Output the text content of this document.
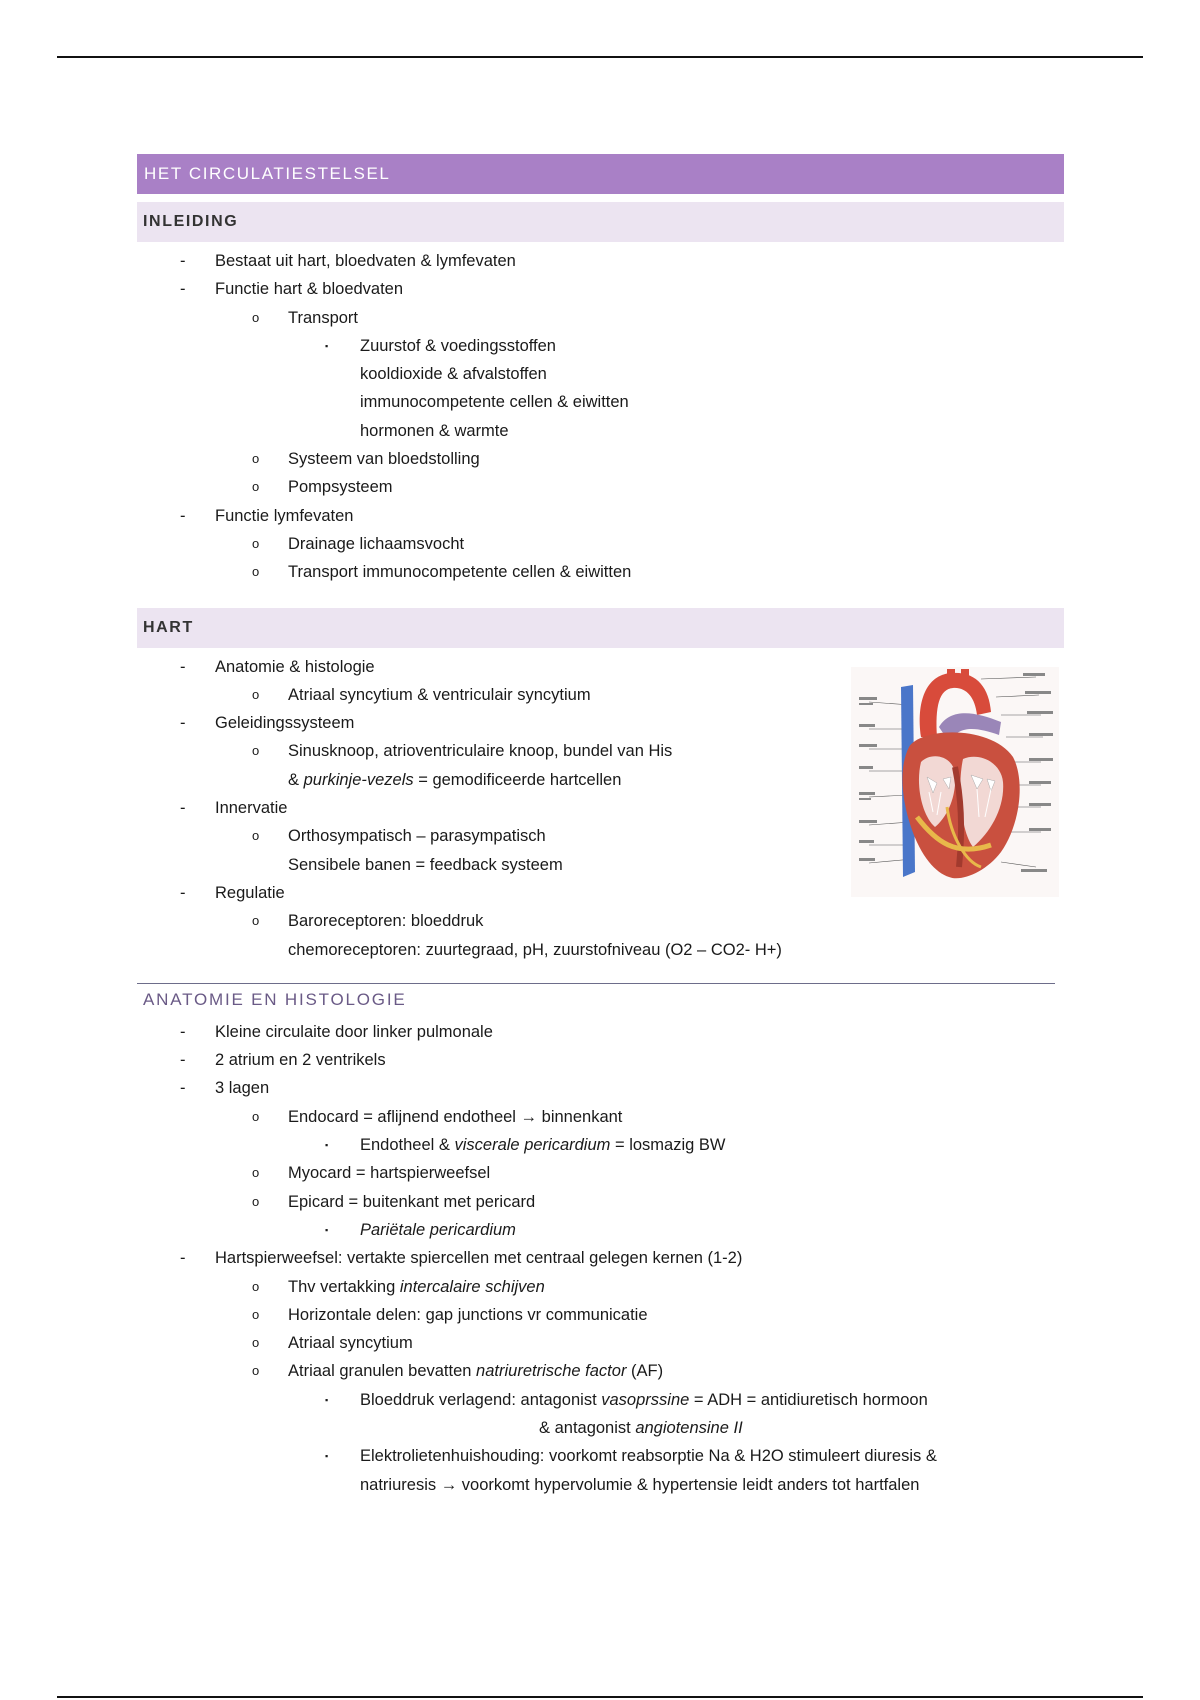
HET CIRCULATIESTELSEL
INLEIDING
- Bestaat uit hart, bloedvaten & lymfevaten
- Functie hart & bloedvaten
o Transport
▪ Zuurstof & voedingsstoffen
kooldioxide & afvalstoffen
immunocompetente cellen & eiwitten
hormonen & warmte
o Systeem van bloedstolling
o Pompsysteem
- Functie lymfevaten
o Drainage lichaamsvocht
o Transport immunocompetente cellen & eiwitten
HART
- Anatomie & histologie
o Atriaal syncytium & ventriculair syncytium
- Geleidingssysteem
o Sinusknoop, atrioventriculaire knoop, bundel van His
& purkinje-vezels = gemodificeerde hartcellen
- Innervatie
o Orthosympatisch – parasympatisch
Sensibele banen = feedback systeem
- Regulatie
o Baroreceptoren: bloeddruk
chemoreceptoren: zuurtegraad, pH, zuurstofniveau (O2 – CO2- H+)
ANATOMIE EN HISTOLOGIE
- Kleine circulaite door linker pulmonale
- 2 atrium en 2 ventrikels
- 3 lagen
o Endocard = aflijnend endotheel → binnenkant
▪ Endotheel & viscerale pericardium = losmazig BW
o Myocard = hartspierweefsel
o Epicard = buitenkant met pericard
▪ Pariëtale pericardium
- Hartspierweefsel: vertakte spiercellen met centraal gelegen kernen (1-2)
o Thv vertakking intercalaire schijven
o Horizontale delen: gap junctions vr communicatie
o Atriaal syncytium
o Atriaal granulen bevatten natriuretrische factor (AF)
▪ Bloeddruk verlagend: antagonist vasoprssine = ADH = antidiuretisch hormoon
& antagonist angiotensine II
▪ Elektrolietenhuishouding: voorkomt reabsorptie Na & H2O stimuleert diuresis &
natriuresis → voorkomt hypervolumie & hypertensie leidt anders tot hartfalen
